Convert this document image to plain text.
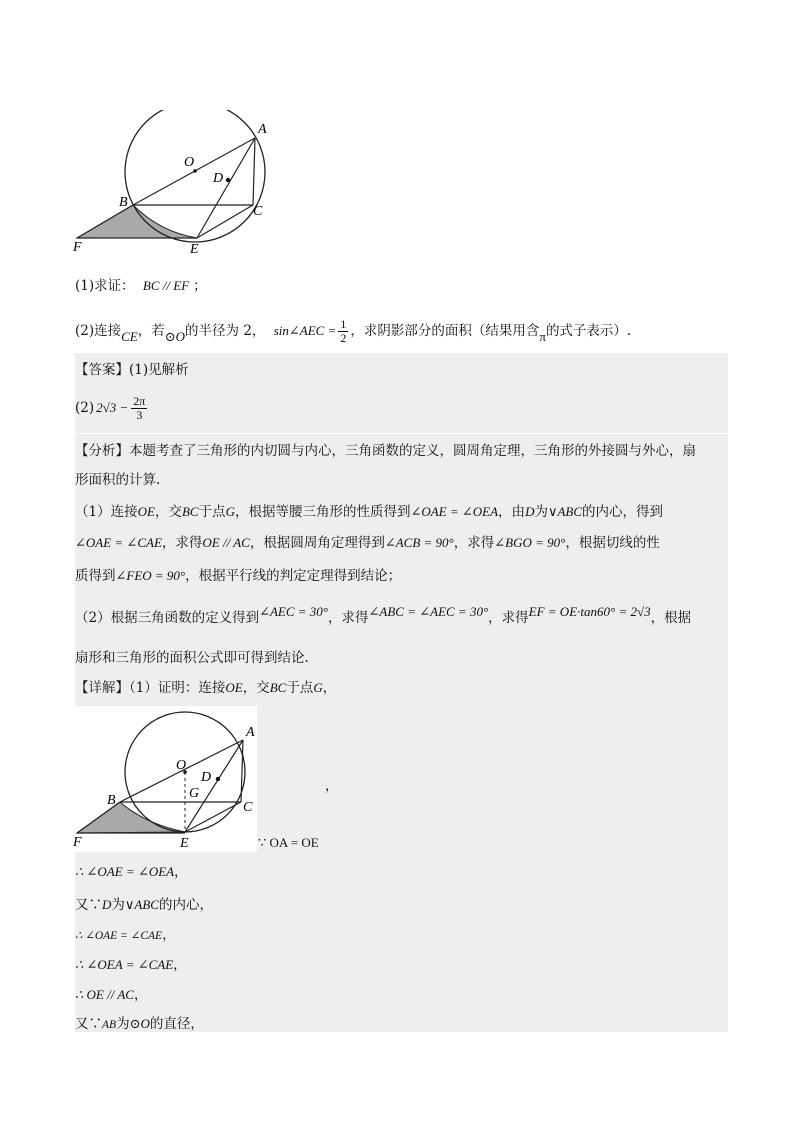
A
O
D
B
C
F	E
(1)求证： BC // EF ；
(2)连接CE，若⊙O的半径为 2， sin∠AEC = $\frac{1}{2}$ ，求阴影部分的面积（结果用含π的式子表示）.
【答案】(1)见解析
(2) $2√3 - \frac{2\pi}{3}$
【分析】本题考查了三角形的内切圆与内心，三角函数的定义，圆周角定理，三角形的外接圆与外心，扇
形面积的计算.
（1）连接OE，交BC于点G，根据等腰三角形的性质得到∠OAE = ∠OEA，由D为∨ABC的内心，得到
∠OAE = ∠CAE，求得OE // AC，根据圆周角定理得到∠ACB = 90°，求得∠BGO = 90°，根据切线的性
质得到∠FEO = 90°，根据平行线的判定定理得到结论；
（2）根据三角函数的定义得到∠AEC = 30°，求得∠ABC = ∠AEC = 30°，求得EF = OE·tan60° = 2√3，根据
扇形和三角形的面积公式即可得到结论.
【详解】（1）证明：连接OE，交BC于点G，
A
O
D
G
B	C
F	E
，
∵ OA = OE
∴ ∠OAE = ∠OEA，
又∵D为∨ABC的内心，
∴ ∠OAE = ∠CAE，
∴ ∠OEA = ∠CAE，
∴ OE // AC，
又∵AB为⊙O的直径，
